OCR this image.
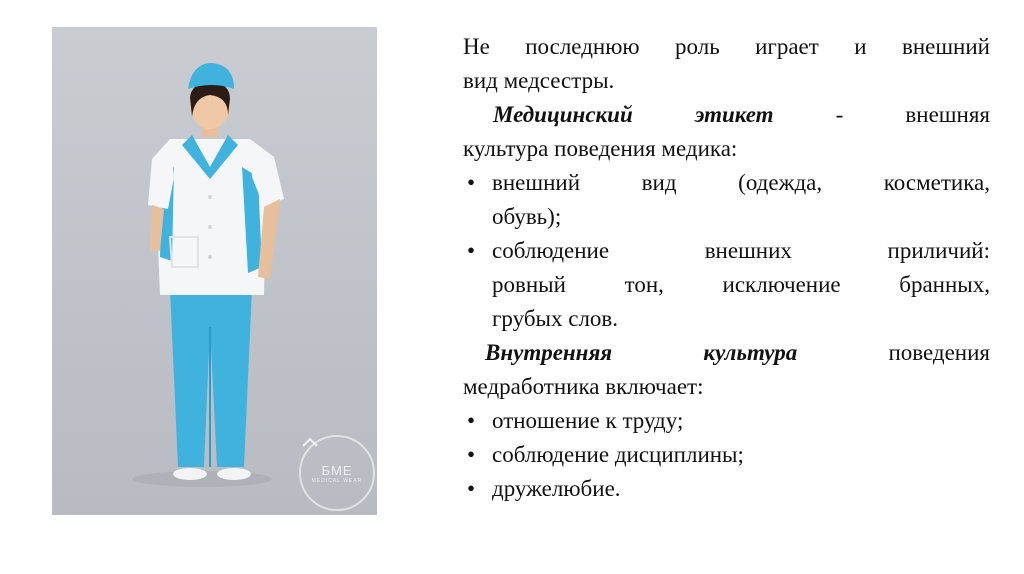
БМЕ
MEDICAL WEAR
Не последнюю роль играет и внешний
вид медсестры.
Медицинский этикет - внешняя
культура поведения медика:
• внешний вид (одежда, косметика,
обувь);
• соблюдение внешних приличий:
ровный тон, исключение бранных,
грубых слов.
Внутренняя культура поведения
медработника включает:
• отношение к труду;
• соблюдение дисциплины;
• дружелюбие.
